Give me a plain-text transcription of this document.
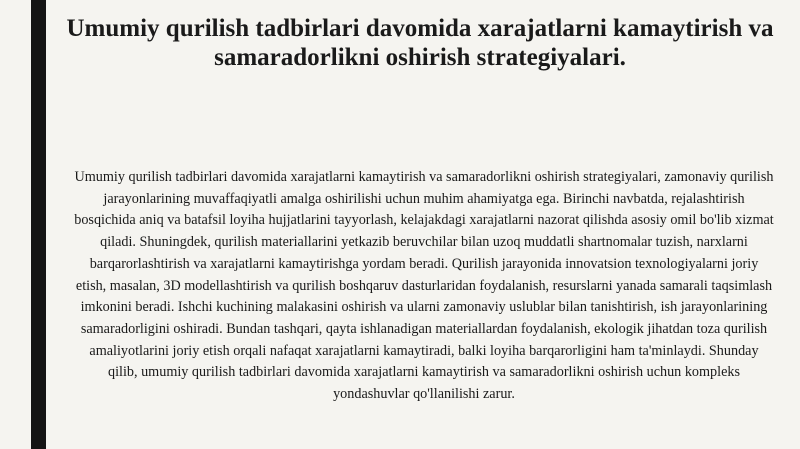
Umumiy qurilish tadbirlari davomida xarajatlarni kamaytirish va samaradorlikni oshirish strategiyalari.

Umumiy qurilish tadbirlari davomida xarajatlarni kamaytirish va samaradorlikni oshirish strategiyalari, zamonaviy qurilish jarayonlarining muvaffaqiyatli amalga oshirilishi uchun muhim ahamiyatga ega. Birinchi navbatda, rejalashtirish bosqichida aniq va batafsil loyiha hujjatlarini tayyorlash, kelajakdagi xarajatlarni nazorat qilishda asosiy omil bo'lib xizmat qiladi. Shuningdek, qurilish materiallarini yetkazib beruvchilar bilan uzoq muddatli shartnomalar tuzish, narxlarni barqarorlashtirish va xarajatlarni kamaytirishga yordam beradi. Qurilish jarayonida innovatsion texnologiyalarni joriy etish, masalan, 3D modellashtirish va qurilish boshqaruv dasturlaridan foydalanish, resurslarni yanada samarali taqsimlash imkonini beradi. Ishchi kuchining malakasini oshirish va ularni zamonaviy uslublar bilan tanishtirish, ish jarayonlarining samaradorligini oshiradi. Bundan tashqari, qayta ishlanadigan materiallardan foydalanish, ekologik jihatdan toza qurilish amaliyotlarini joriy etish orqali nafaqat xarajatlarni kamaytiradi, balki loyiha barqarorligini ham ta'minlaydi. Shunday qilib, umumiy qurilish tadbirlari davomida xarajatlarni kamaytirish va samaradorlikni oshirish uchun kompleks yondashuvlar qo'llanilishi zarur.
